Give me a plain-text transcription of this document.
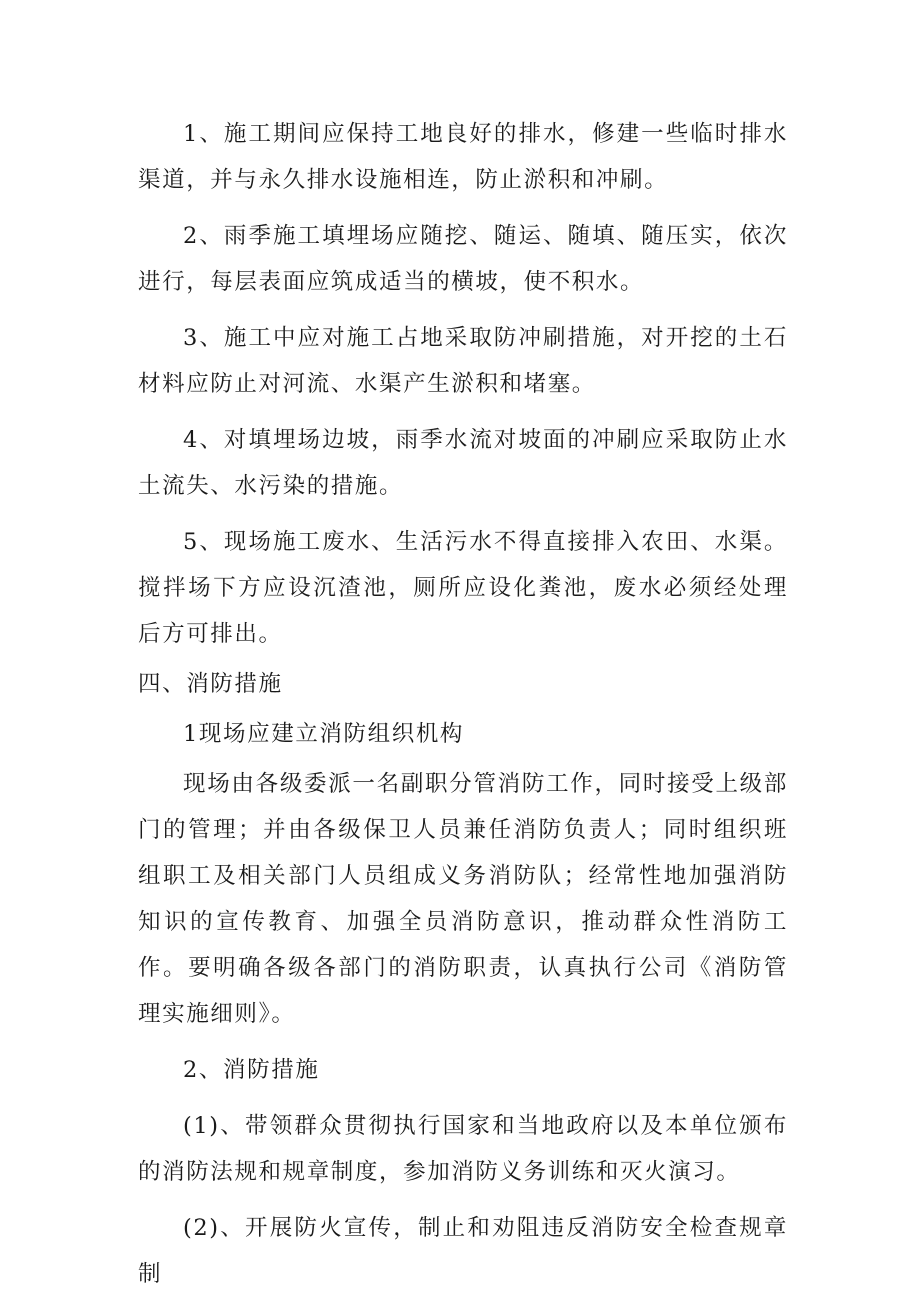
1、施工期间应保持工地良好的排水，修建一些临时排水渠道，并与永久排水设施相连，防止淤积和冲刷。

2、雨季施工填埋场应随挖、随运、随填、随压实，依次进行，每层表面应筑成适当的横坡，使不积水。

3、施工中应对施工占地采取防冲刷措施，对开挖的土石材料应防止对河流、水渠产生淤积和堵塞。

4、对填埋场边坡，雨季水流对坡面的冲刷应采取防止水土流失、水污染的措施。

5、现场施工废水、生活污水不得直接排入农田、水渠。搅拌场下方应设沉渣池，厕所应设化粪池，废水必须经处理后方可排出。

四、消防措施

1现场应建立消防组织机构

现场由各级委派一名副职分管消防工作，同时接受上级部门的管理；并由各级保卫人员兼任消防负责人；同时组织班组职工及相关部门人员组成义务消防队；经常性地加强消防知识的宣传教育、加强全员消防意识，推动群众性消防工作。要明确各级各部门的消防职责，认真执行公司《消防管理实施细则》。

2、消防措施

(1)、带领群众贯彻执行国家和当地政府以及本单位颁布的消防法规和规章制度，参加消防义务训练和灭火演习。

(2)、开展防火宣传，制止和劝阻违反消防安全检查规章制
